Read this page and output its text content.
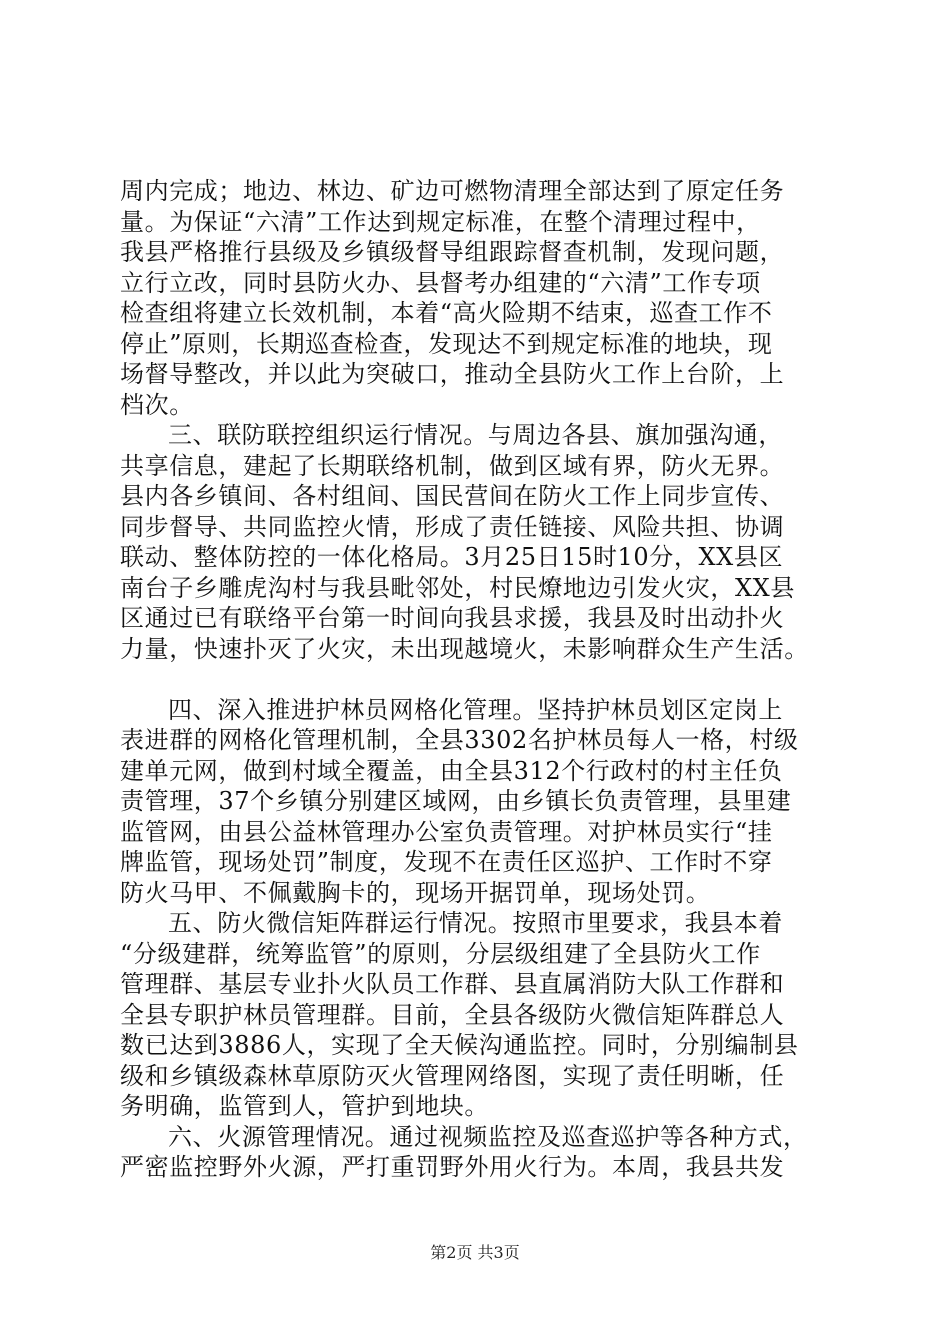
周内完成；地边、林边、矿边可燃物清理全部达到了原定任务
量。为保证“六清”工作达到规定标准，在整个清理过程中，
我县严格推行县级及乡镇级督导组跟踪督查机制，发现问题，
立行立改，同时县防火办、县督考办组建的“六清”工作专项
检查组将建立长效机制，本着“高火险期不结束，巡查工作不
停止”原则，长期巡查检查，发现达不到规定标准的地块，现
场督导整改，并以此为突破口，推动全县防火工作上台阶，上
档次。
三、联防联控组织运行情况。与周边各县、旗加强沟通，
共享信息，建起了长期联络机制，做到区域有界，防火无界。
县内各乡镇间、各村组间、国民营间在防火工作上同步宣传、
同步督导、共同监控火情，形成了责任链接、风险共担、协调
联动、整体防控的一体化格局。3月25日15时10分，XX县区
南台子乡雕虎沟村与我县毗邻处，村民燎地边引发火灾，XX县
区通过已有联络平台第一时间向我县求援，我县及时出动扑火
力量，快速扑灭了火灾，未出现越境火，未影响群众生产生活。
四、深入推进护林员网格化管理。坚持护林员划区定岗上
表进群的网格化管理机制，全县3302名护林员每人一格，村级
建单元网，做到村域全覆盖，由全县312个行政村的村主任负
责管理，37个乡镇分别建区域网，由乡镇长负责管理，县里建
监管网，由县公益林管理办公室负责管理。对护林员实行“挂
牌监管，现场处罚”制度，发现不在责任区巡护、工作时不穿
防火马甲、不佩戴胸卡的，现场开据罚单，现场处罚。
五、防火微信矩阵群运行情况。按照市里要求，我县本着
“分级建群，统筹监管”的原则，分层级组建了全县防火工作
管理群、基层专业扑火队员工作群、县直属消防大队工作群和
全县专职护林员管理群。目前，全县各级防火微信矩阵群总人
数已达到3886人，实现了全天候沟通监控。同时，分别编制县
级和乡镇级森林草原防灭火管理网络图，实现了责任明晰，任
务明确，监管到人，管护到地块。
六、火源管理情况。通过视频监控及巡查巡护等各种方式，
严密监控野外火源，严打重罚野外用火行为。本周，我县共发
第2页 共3页
